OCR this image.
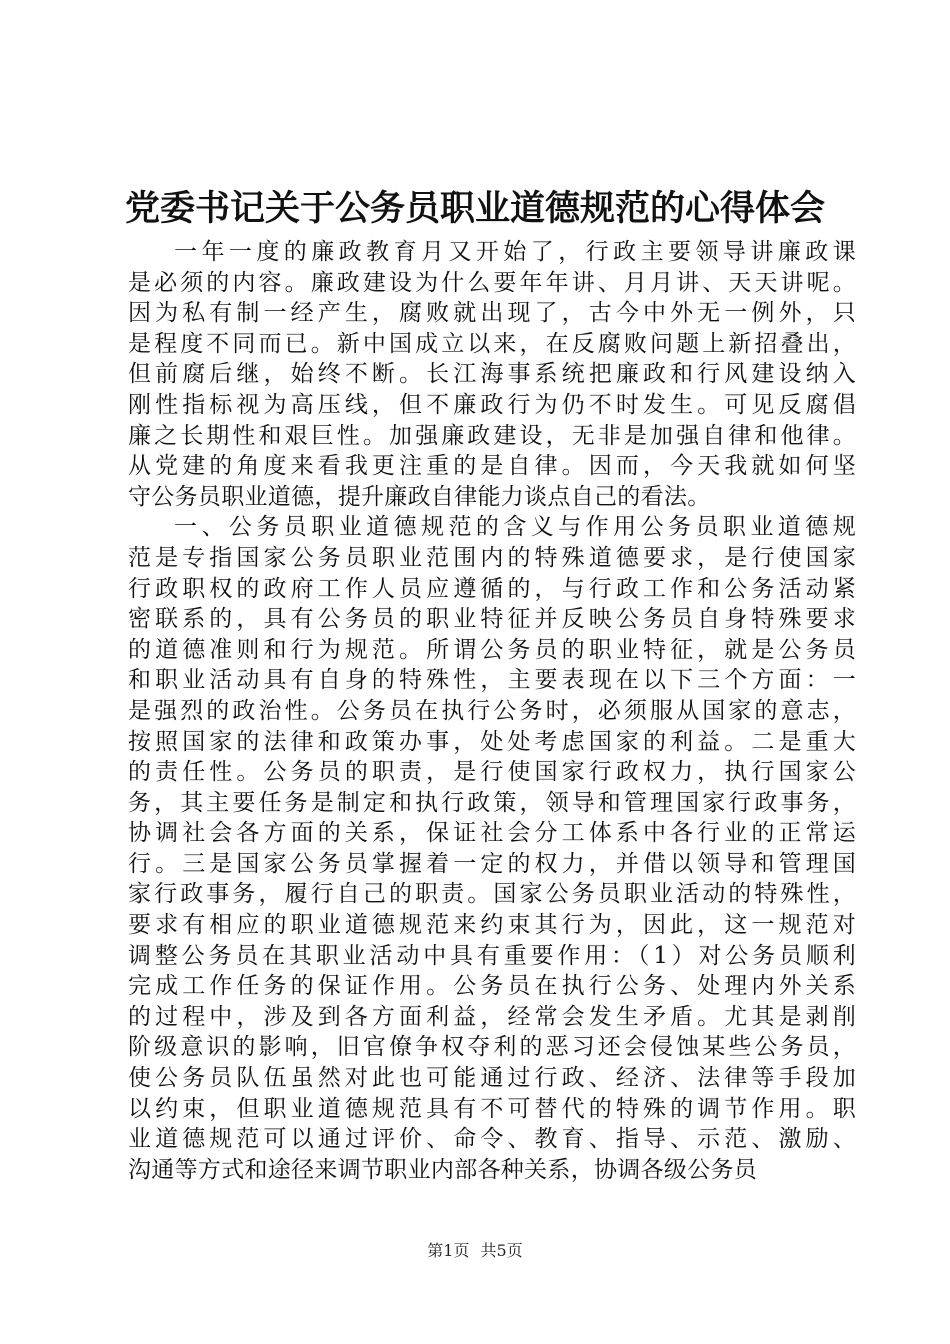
党委书记关于公务员职业道德规范的心得体会
一年一度的廉政教育月又开始了，行政主要领导讲廉政课
是必须的内容。廉政建设为什么要年年讲、月月讲、天天讲呢。
因为私有制一经产生，腐败就出现了，古今中外无一例外，只
是程度不同而已。新中国成立以来，在反腐败问题上新招叠出，
但前腐后继，始终不断。长江海事系统把廉政和行风建设纳入
刚性指标视为高压线，但不廉政行为仍不时发生。可见反腐倡
廉之长期性和艰巨性。加强廉政建设，无非是加强自律和他律。
从党建的角度来看我更注重的是自律。因而，今天我就如何坚
守公务员职业道德，提升廉政自律能力谈点自己的看法。
一、公务员职业道德规范的含义与作用公务员职业道德规
范是专指国家公务员职业范围内的特殊道德要求，是行使国家
行政职权的政府工作人员应遵循的，与行政工作和公务活动紧
密联系的，具有公务员的职业特征并反映公务员自身特殊要求
的道德准则和行为规范。所谓公务员的职业特征，就是公务员
和职业活动具有自身的特殊性，主要表现在以下三个方面：一
是强烈的政治性。公务员在执行公务时，必须服从国家的意志，
按照国家的法律和政策办事，处处考虑国家的利益。二是重大
的责任性。公务员的职责，是行使国家行政权力，执行国家公
务，其主要任务是制定和执行政策，领导和管理国家行政事务，
协调社会各方面的关系，保证社会分工体系中各行业的正常运
行。三是国家公务员掌握着一定的权力，并借以领导和管理国
家行政事务，履行自己的职责。国家公务员职业活动的特殊性，
要求有相应的职业道德规范来约束其行为，因此，这一规范对
调整公务员在其职业活动中具有重要作用：（1）对公务员顺利
完成工作任务的保证作用。公务员在执行公务、处理内外关系
的过程中，涉及到各方面利益，经常会发生矛盾。尤其是剥削
阶级意识的影响，旧官僚争权夺利的恶习还会侵蚀某些公务员，
使公务员队伍虽然对此也可能通过行政、经济、法律等手段加
以约束，但职业道德规范具有不可替代的特殊的调节作用。职
业道德规范可以通过评价、命令、教育、指导、示范、激励、
沟通等方式和途径来调节职业内部各种关系，协调各级公务员
第1页 共5页
